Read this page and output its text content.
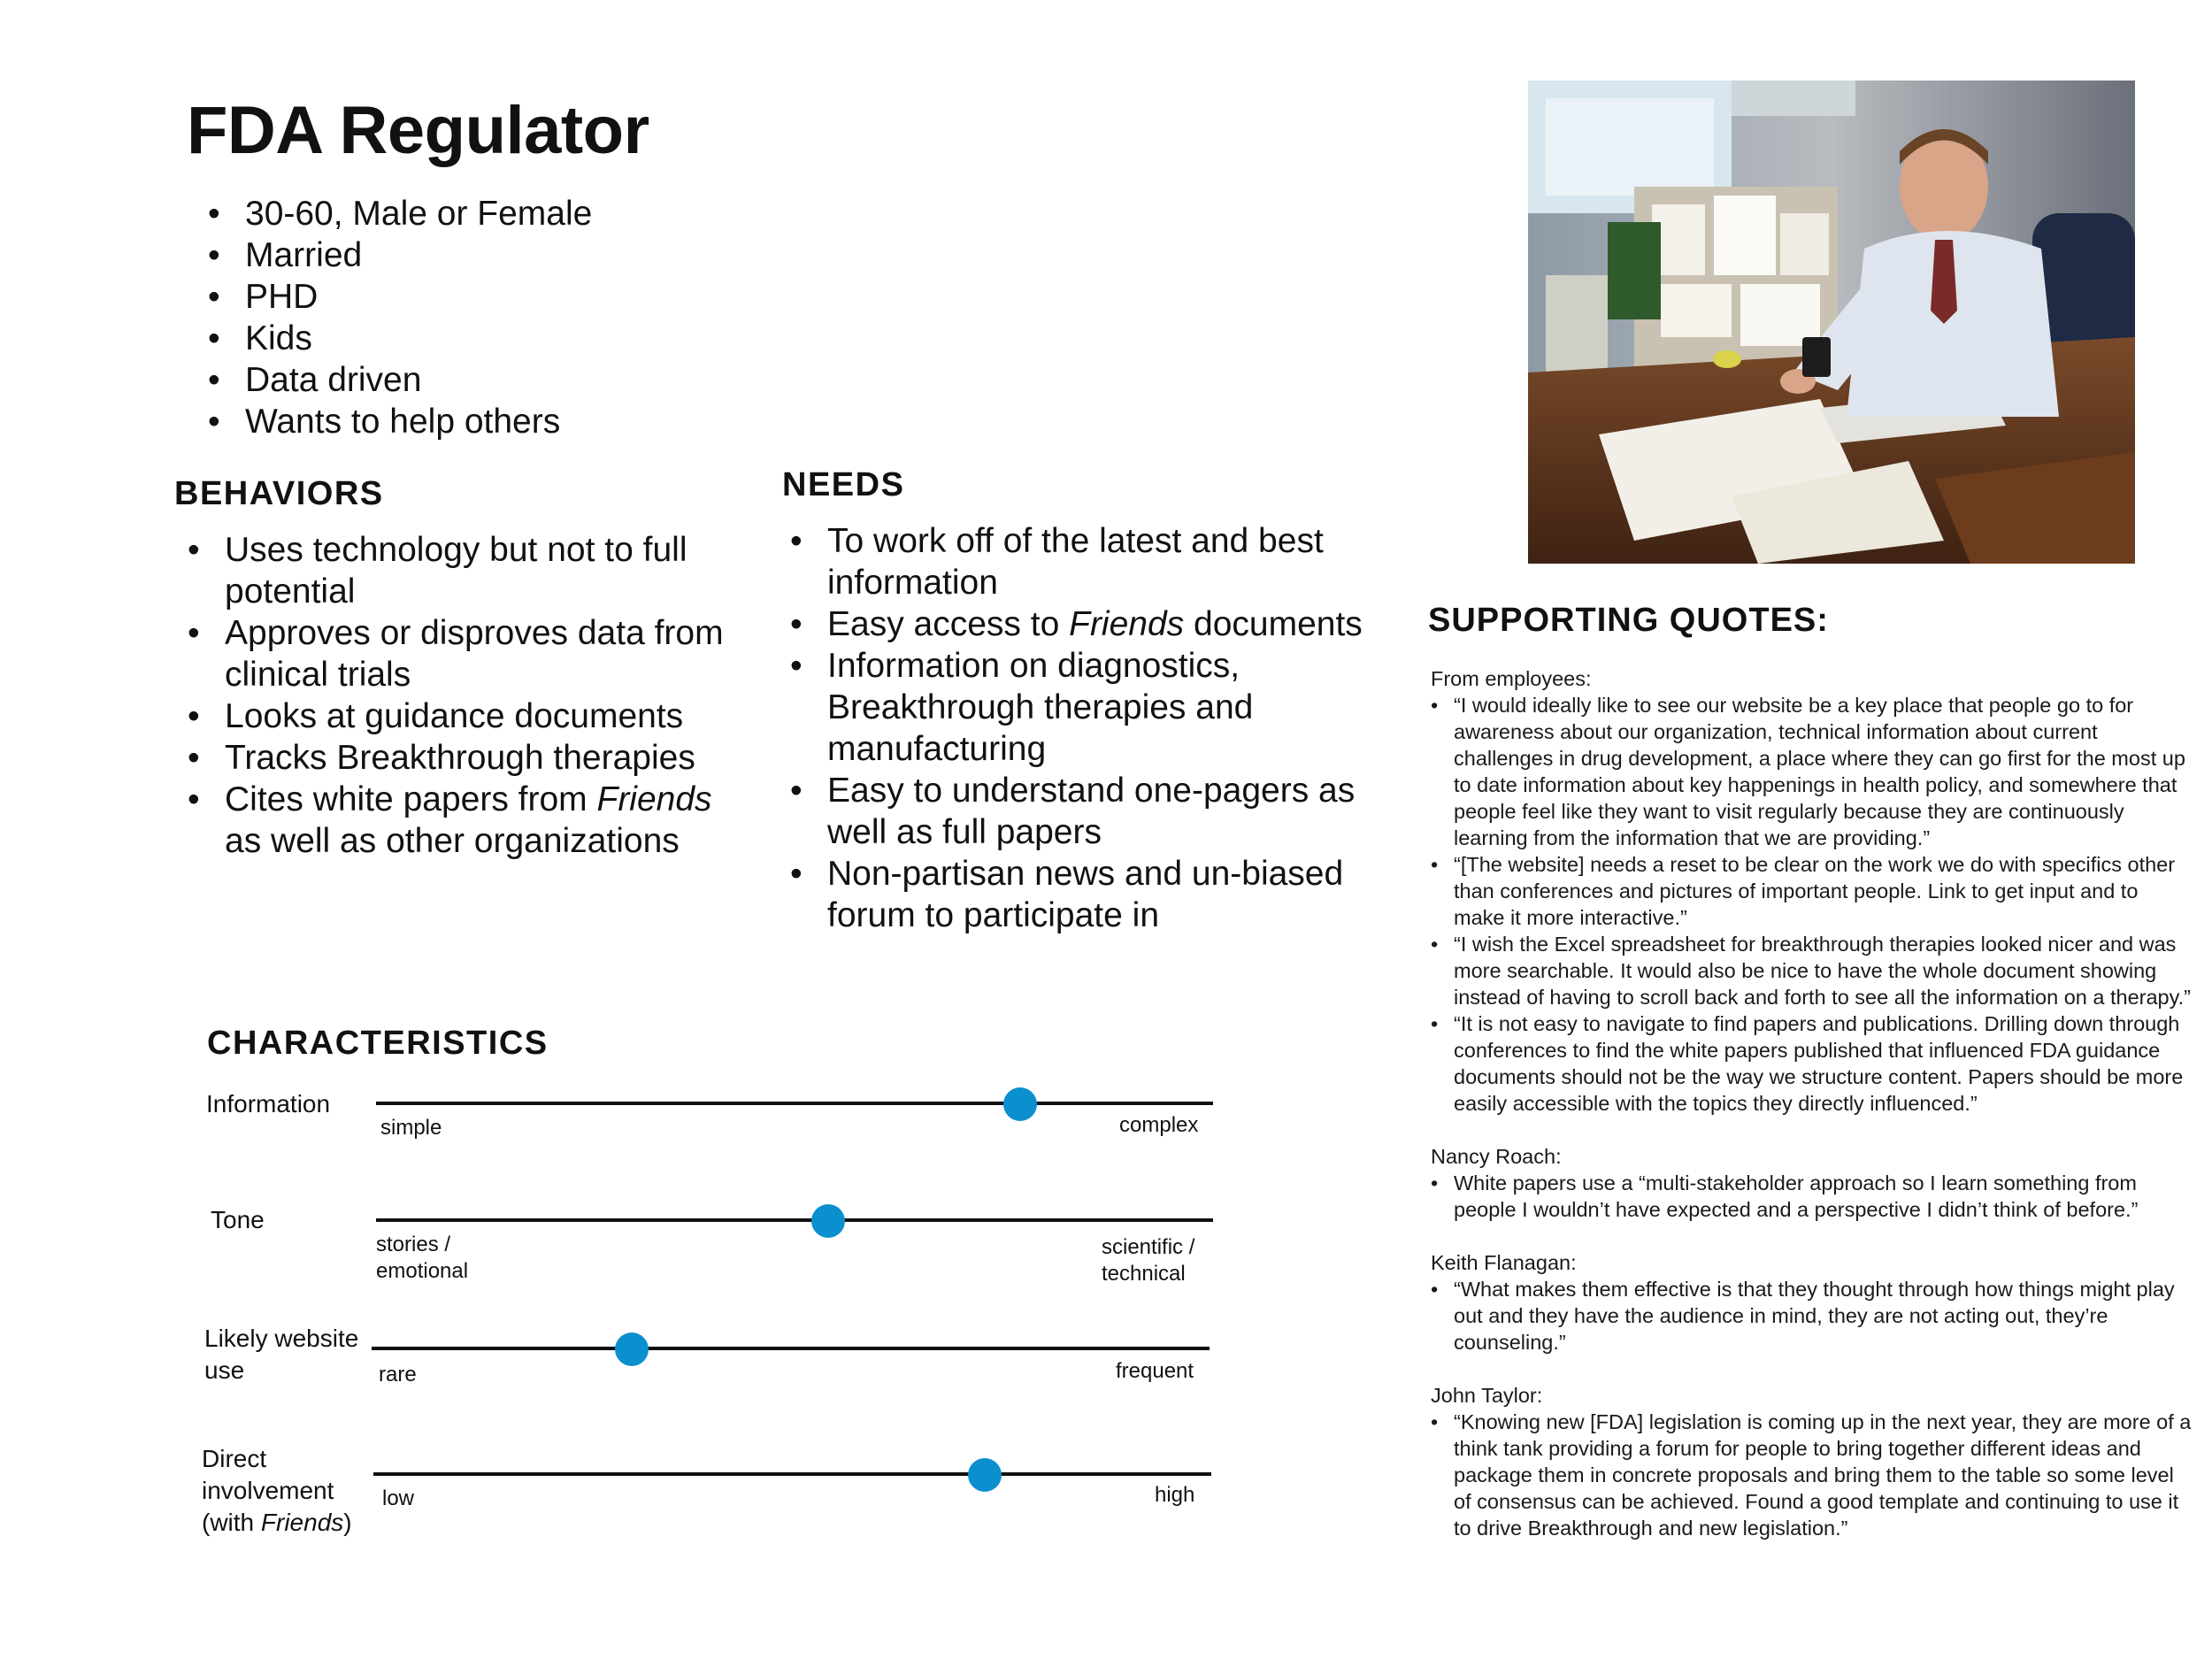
FDA Regulator
• 30-60, Male or Female
• Married
• PHD
• Kids
• Data driven
• Wants to help others
BEHAVIORS
• Uses technology but not to full potential
• Approves or disproves data from clinical trials
• Looks at guidance documents
• Tracks Breakthrough therapies
• Cites white papers from Friends as well as other organizations
NEEDS
• To work off of the latest and best information
• Easy access to Friends documents
• Information on diagnostics, Breakthrough therapies and manufacturing
• Easy to understand one-pagers as well as full papers
• Non-partisan news and un-biased forum to participate in
CHARACTERISTICS
Information
simple	complex
Tone
stories / emotional
scientific / technical
Likely website use	rare	frequent
Direct
involvement
(with Friends)
low	high
SUPPORTING QUOTES:

From employees:

• “I would ideally like to see our website be a key place that people go to for awareness about our organization, technical information about current challenges in drug development, a place where they can go first for the most up to date information about key happenings in health policy, and somewhere that people feel like they want to visit regularly because they are continuously learning from the information that we are providing.”
• “[The website] needs a reset to be clear on the work we do with specifics other than conferences and pictures of important people. Link to get input and to make it more interactive.”
• “I wish the Excel spreadsheet for breakthrough therapies looked nicer and was more searchable. It would also be nice to have the whole document showing instead of having to scroll back and forth to see all the information on a therapy.”
• “It is not easy to navigate to find papers and publications. Drilling down through conferences to find the white papers published that influenced FDA guidance documents should not be the way we structure content. Papers should be more easily accessible with the topics they directly influenced.”

Nancy Roach:

• White papers use a “multi-stakeholder approach so I learn something from people I wouldn’t have expected and a perspective I didn’t think of before.”

Keith Flanagan:

• “What makes them effective is that they thought through how things might play out and they have the audience in mind, they are not acting out, they’re counseling.”

John Taylor:

• “Knowing new [FDA] legislation is coming up in the next year, they are more of a think tank providing a forum for people to bring together different ideas and package them in concrete proposals and bring them to the table so some level of consensus can be achieved. Found a good template and continuing to use it to drive Breakthrough and new legislation.”
